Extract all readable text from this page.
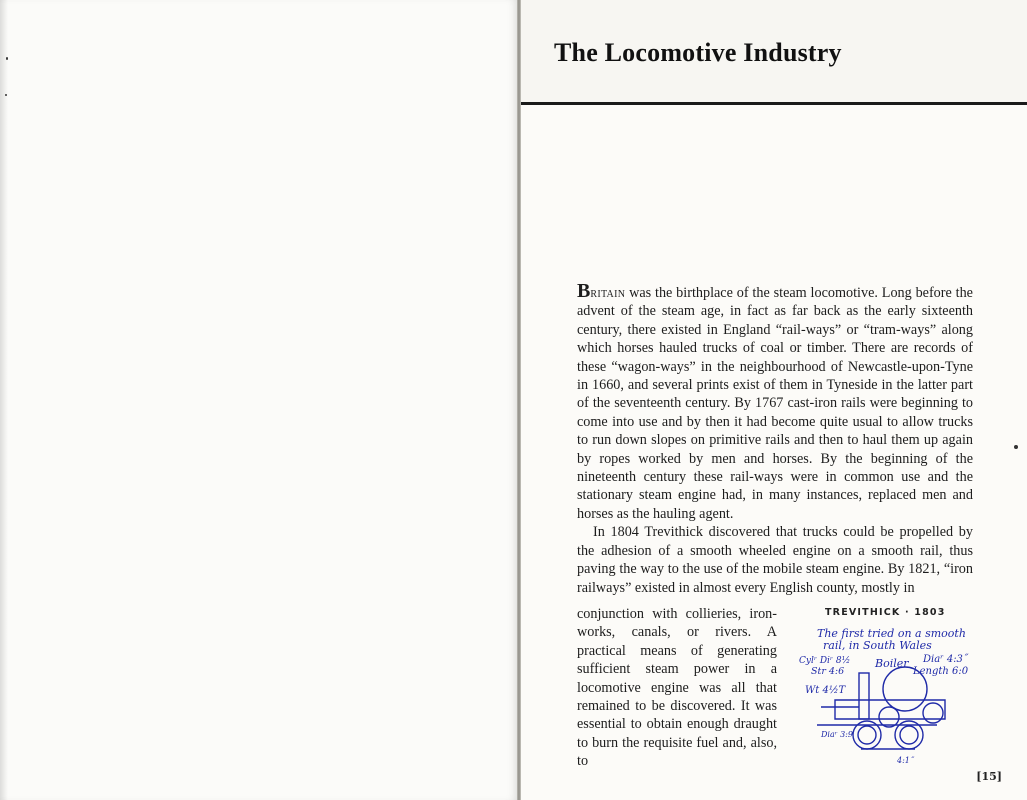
The Locomotive Industry

Britain was the birthplace of the steam locomotive. Long before the advent of the steam age, in fact as far back as the early sixteenth century, there existed in England “rail-ways” or “tram-ways” along which horses hauled trucks of coal or timber. There are records of these “wagon-ways” in the neighbourhood of Newcastle-upon-Tyne in 1660, and several prints exist of them in Tyneside in the latter part of the seventeenth century. By 1767 cast-iron rails were beginning to come into use and by then it had become quite usual to allow trucks to run down slopes on primitive rails and then to haul them up again by ropes worked by men and horses. By the beginning of the nineteenth century these rail-ways were in common use and the stationary steam engine had, in many instances, replaced men and horses as the hauling agent.

In 1804 Trevithick discovered that trucks could be propelled by the adhesion of a smooth wheeled engine on a smooth rail, thus paving the way to the use of the mobile steam engine. By 1821, “iron railways” existed in almost every English county, mostly in

conjunction with collieries, iron-works, canals, or rivers. A practical means of generating sufficient steam power in a locomotive engine was all that remained to be discovered. It was essential to obtain enough draught to burn the requisite fuel and, also, to

TREVITHICK · 1803
The first tried on a smooth
rail, in South Wales
Cylʳ Diʳ 8½
Str 4:6
Boiler Diaʳ 4:3˝
Length 6:0
Wt 4½T
Diaʳ 3:9
4:1˝
[15]
